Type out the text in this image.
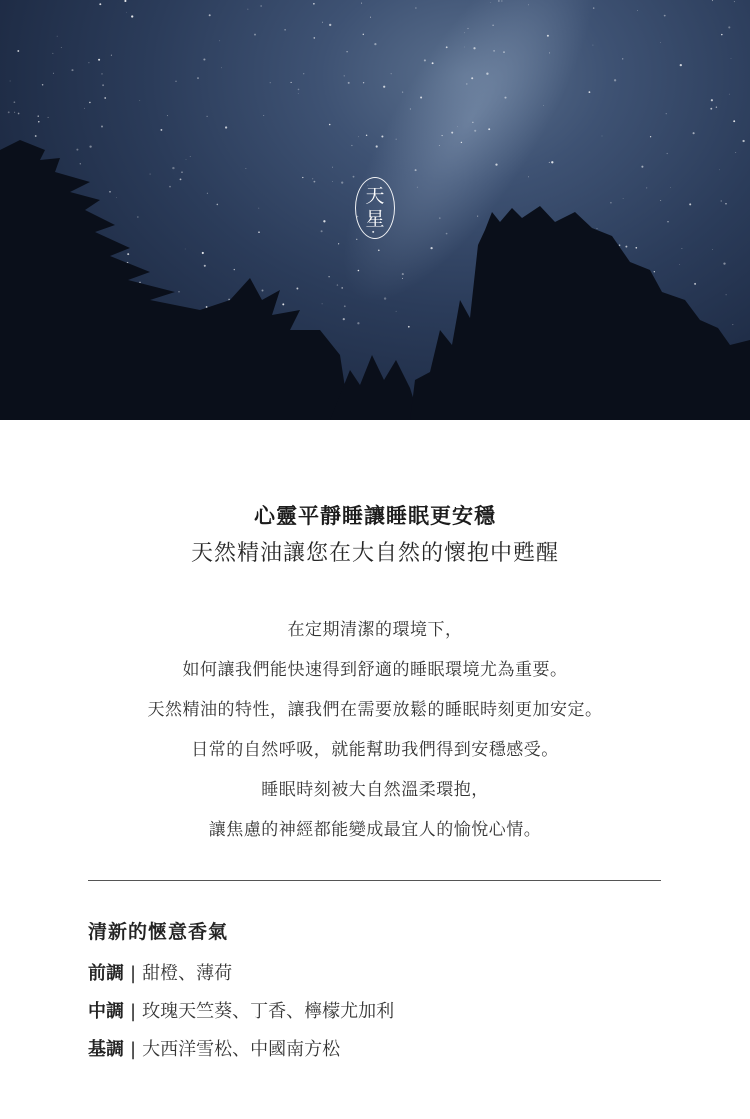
天
星
心靈平靜睡讓睡眠更安穩
天然精油讓您在大自然的懷抱中甦醒
在定期清潔的環境下，
如何讓我們能快速得到舒適的睡眠環境尤為重要。
天然精油的特性，讓我們在需要放鬆的睡眠時刻更加安定。
日常的自然呼吸，就能幫助我們得到安穩感受。
睡眠時刻被大自然溫柔環抱，
讓焦慮的神經都能變成最宜人的愉悅心情。
清新的愜意香氣
前調 | 甜橙、薄荷
中調 | 玫瑰天竺葵、丁香、檸檬尤加利
基調 | 大西洋雪松、中國南方松
